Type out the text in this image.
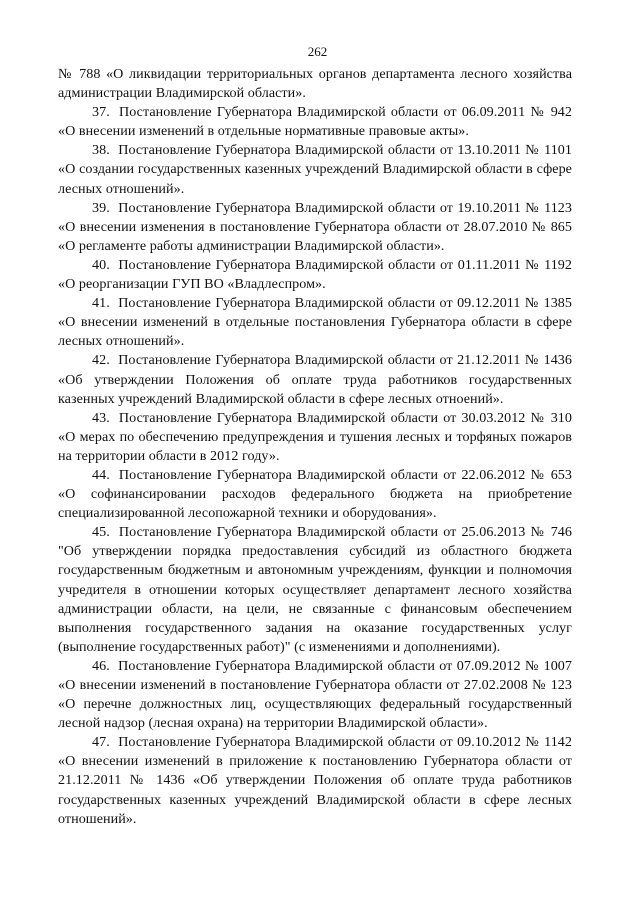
262

№ 788 «О ликвидации территориальных органов департамента лесного хозяйства администрации Владимирской области».

37. Постановление Губернатора Владимирской области от 06.09.2011 № 942 «О внесении изменений в отдельные нормативные правовые акты».

38. Постановление Губернатора Владимирской области от 13.10.2011 № 1101 «О создании государственных казенных учреждений Владимирской области в сфере лесных отношений».

39. Постановление Губернатора Владимирской области от 19.10.2011 № 1123 «О внесении изменения в постановление Губернатора области от 28.07.2010 № 865 «О регламенте работы администрации Владимирской области».

40. Постановление Губернатора Владимирской области от 01.11.2011 № 1192 «О реорганизации ГУП ВО «Владлеспром».

41. Постановление Губернатора Владимирской области от 09.12.2011 № 1385 «О внесении изменений в отдельные постановления Губернатора области в сфере лесных отношений».

42. Постановление Губернатора Владимирской области от 21.12.2011 № 1436 «Об утверждении Положения об оплате труда работников государственных казенных учреждений Владимирской области в сфере лесных отноений».

43. Постановление Губернатора Владимирской области от 30.03.2012 № 310 «О мерах по обеспечению предупреждения и тушения лесных и торфяных пожаров на территории области в 2012 году».

44. Постановление Губернатора Владимирской области от 22.06.2012 № 653 «О софинансировании расходов федерального бюджета на приобретение специализированной лесопожарной техники и оборудования».

45. Постановление Губернатора Владимирской области от 25.06.2013 № 746 "Об утверждении порядка предоставления субсидий из областного бюджета государственным бюджетным и автономным учреждениям, функции и полномочия учредителя в отношении которых осуществляет департамент лесного хозяйства администрации области, на цели, не связанные с финансовым обеспечением выполнения государственного задания на оказание государственных услуг (выполнение государственных работ)" (с изменениями и дополнениями).

46. Постановление Губернатора Владимирской области от 07.09.2012 № 1007 «О внесении изменений в постановление Губернатора области от 27.02.2008 № 123 «О перечне должностных лиц, осуществляющих федеральный государственный лесной надзор (лесная охрана) на территории Владимирской области».

47. Постановление Губернатора Владимирской области от 09.10.2012 № 1142 «О внесении изменений в приложение к постановлению Губернатора области от 21.12.2011 № 1436 «Об утверждении Положения об оплате труда работников государственных казенных учреждений Владимирской области в сфере лесных отношений».
